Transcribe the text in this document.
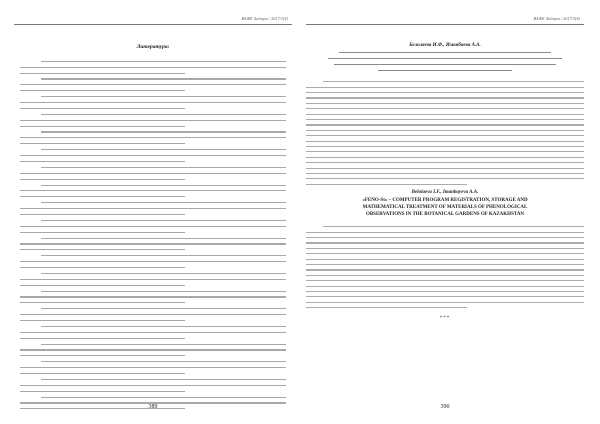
ВАЖЕ Хабарш / 2017/3(4)
Литература:
389
ВАЖЕ Хабарш / 2017/3(4)
Белолаева И.Ф., Иманбаева А.А.
Belolaeva I.F., Imanbayeva A.A.
«FENO-St» – COMPUTER PROGRAM REGISTRATION, STORAGE AND
MATHEMATICAL TREATMENT OF MATERIALS OF PHENOLOGICAL
OBSERVATIONS IN THE BOTANICAL GARDENS OF KAZAKHSTAN
***
390
